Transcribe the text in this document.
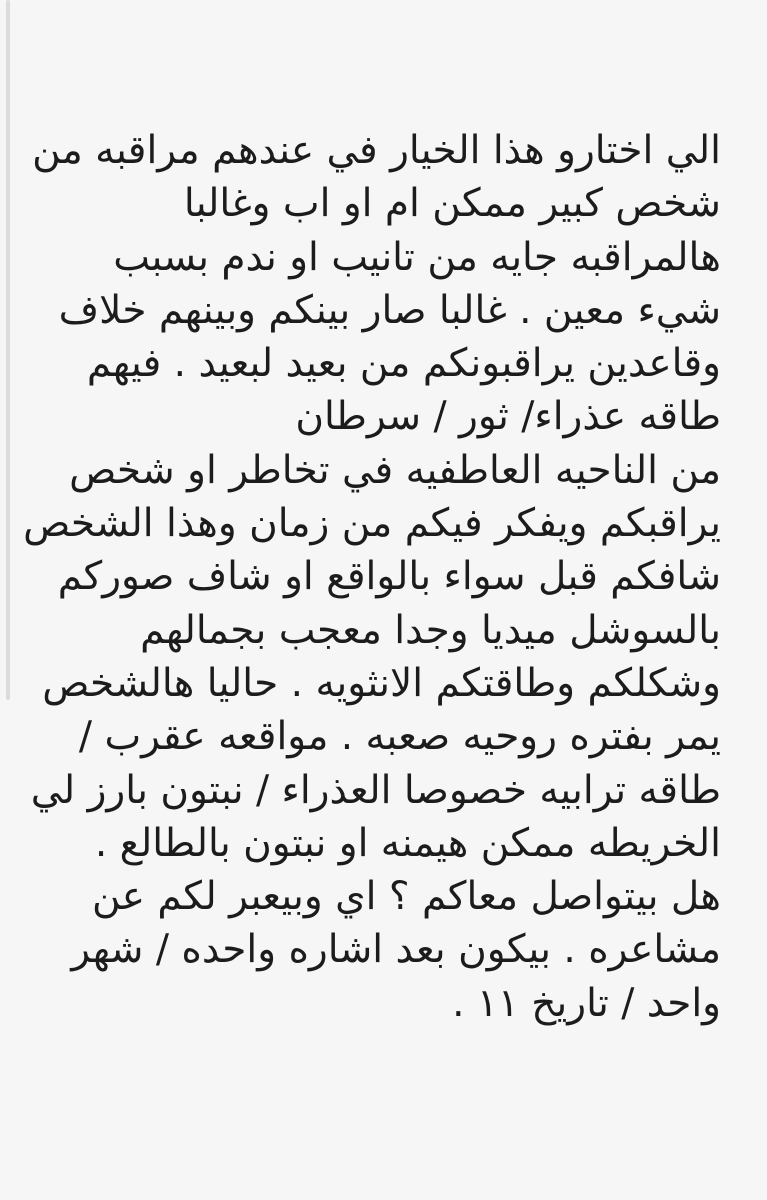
الي اختارو هذا الخيار في عندهم مراقبه من
شخص كبير ممكن ام او اب وغالبا
هالمراقبه جايه من تانيب او ندم بسبب
شيء معين . غالبا صار بينكم وبينهم خلاف
وقاعدين يراقبونكم من بعيد لبعيد . فيهم
طاقه عذراء/ ثور / سرطان
من الناحيه العاطفيه في تخاطر او شخص
يراقبكم ويفكر فيكم من زمان وهذا الشخص
شافكم قبل سواء بالواقع او شاف صوركم
بالسوشل ميديا وجدا معجب بجمالهم
وشكلكم وطاقتكم الانثويه . حاليا هالشخص
يمر بفتره روحيه صعبه . مواقعه عقرب /
طاقه ترابيه خصوصا العذراء / نبتون بارز لي
الخريطه ممكن هيمنه او نبتون بالطالع .
هل بيتواصل معاكم ؟ اي وبيعبر لكم عن
مشاعره . بيكون بعد اشاره واحده / شهر
واحد / تاريخ ١١ .
